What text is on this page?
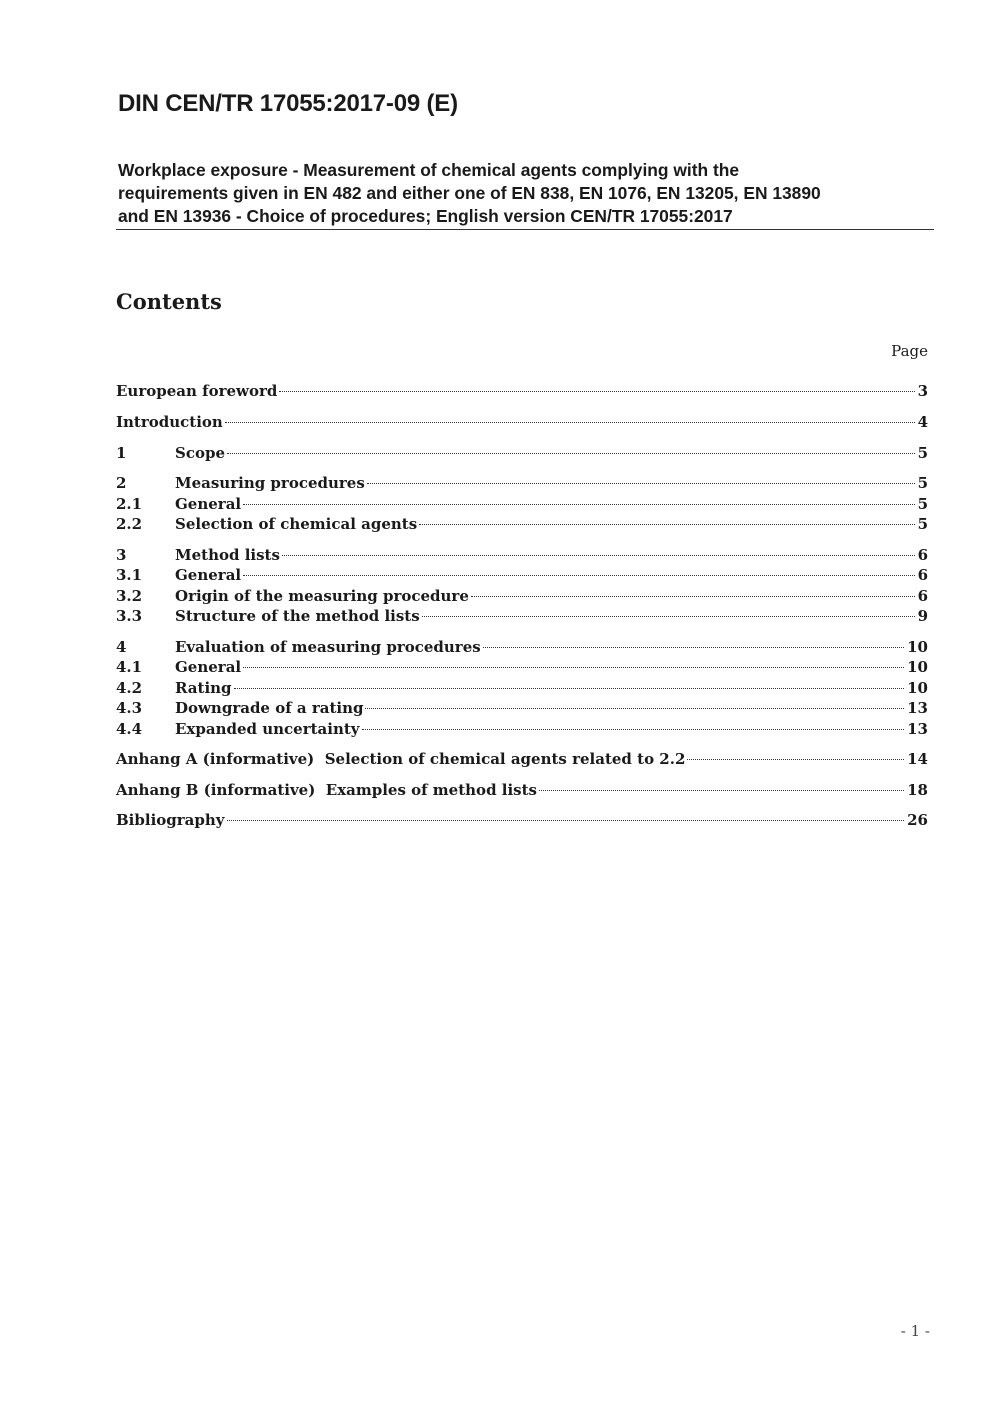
DIN CEN/TR 17055:2017-09 (E)
Workplace exposure - Measurement of chemical agents complying with the
requirements given in EN 482 and either one of EN 838, EN 1076, EN 13205, EN 13890
and EN 13936 - Choice of procedures; English version CEN/TR 17055:2017
Contents
Page
European foreword	3
Introduction	4
1	Scope	5
2	Measuring procedures	5
2.1	General	5
2.2	Selection of chemical agents	5
3	Method lists	6
3.1	General	6
3.2	Origin of the measuring procedure	6
3.3	Structure of the method lists	9
4	Evaluation of measuring procedures	10
4.1	General	10
4.2	Rating	10
4.3	Downgrade of a rating	13
4.4	Expanded uncertainty	13
Anhang A (informative)  Selection of chemical agents related to 2.2	14
Anhang B (informative)  Examples of method lists	18
Bibliography	26
- 1 -
